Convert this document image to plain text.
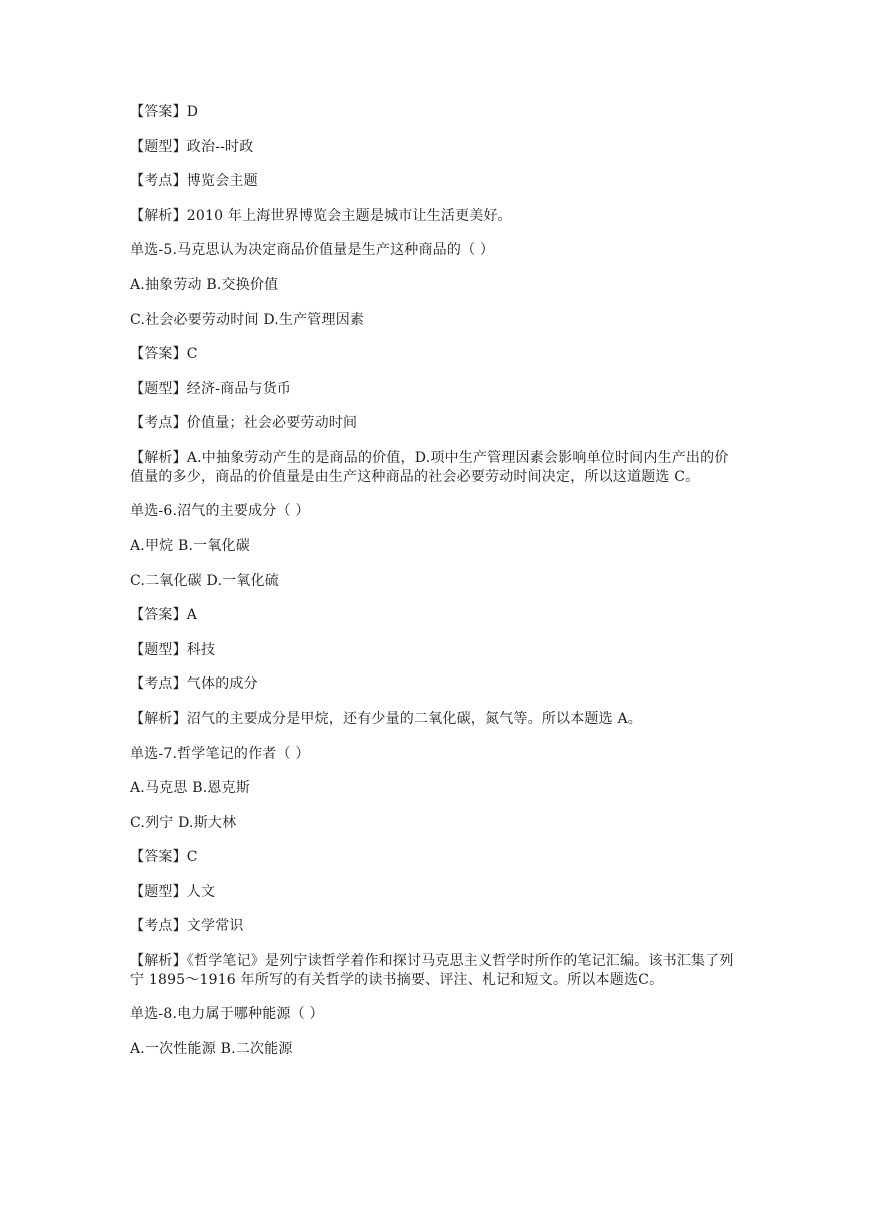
【答案】D
【题型】政治--时政
【考点】博览会主题
【解析】2010 年上海世界博览会主题是城市让生活更美好。
单选-5.马克思认为决定商品价值量是生产这种商品的（ ）
A.抽象劳动 B.交换价值
C.社会必要劳动时间 D.生产管理因素
【答案】C
【题型】经济-商品与货币
【考点】价值量；社会必要劳动时间
【解析】A.中抽象劳动产生的是商品的价值，D.项中生产管理因素会影响单位时间内生产出的价值量的多少，商品的价值量是由生产这种商品的社会必要劳动时间决定，所以这道题选 C。
单选-6.沼气的主要成分（ ）
A.甲烷 B.一氧化碳
C.二氧化碳 D.一氧化硫
【答案】A
【题型】科技
【考点】气体的成分
【解析】沼气的主要成分是甲烷，还有少量的二氧化碳，氮气等。所以本题选 A。
单选-7.哲学笔记的作者（ ）
A.马克思 B.恩克斯
C.列宁 D.斯大林
【答案】C
【题型】人文
【考点】文学常识
【解析】《哲学笔记》是列宁读哲学着作和探讨马克思主义哲学时所作的笔记汇编。该书汇集了列宁 1895～1916 年所写的有关哲学的读书摘要、评注、札记和短文。所以本题选C。
单选-8.电力属于哪种能源（ ）
A.一次性能源 B.二次能源
